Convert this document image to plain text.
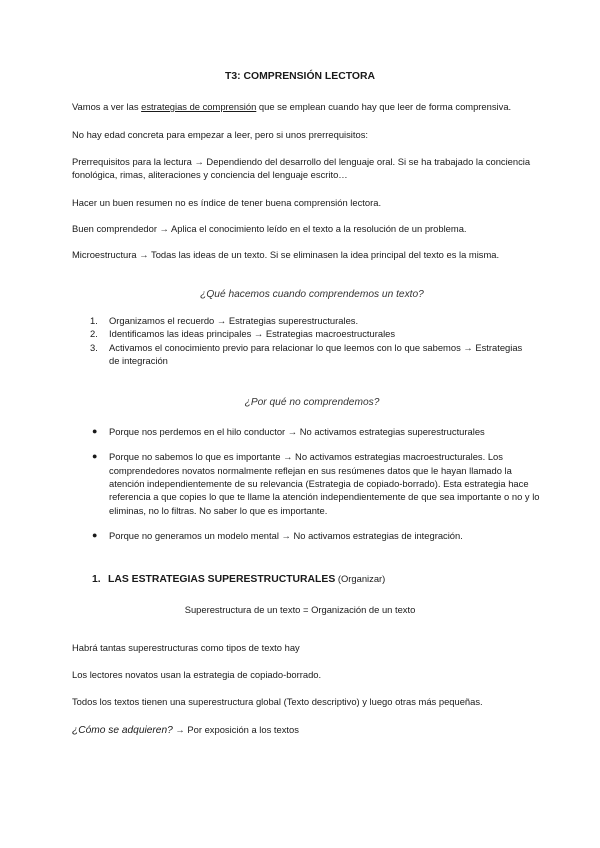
T3: COMPRENSIÓN LECTORA
Vamos a ver las estrategias de comprensión que se emplean cuando hay que leer de forma comprensiva.
No hay edad concreta para empezar a leer, pero si unos prerrequisitos:
Prerrequisitos para la lectura → Dependiendo del desarrollo del lenguaje oral. Si se ha trabajado la conciencia fonológica, rimas, aliteraciones y conciencia del lenguaje escrito…
Hacer un buen resumen no es índice de tener buena comprensión lectora.
Buen comprendedor → Aplica el conocimiento leído en el texto a la resolución de un problema.
Microestructura → Todas las ideas de un texto. Si se eliminasen la idea principal del texto es la misma.
¿Qué hacemos cuando comprendemos un texto?
1. Organizamos el recuerdo → Estrategias superestructurales.
2. Identificamos las ideas principales → Estrategias macroestructurales
3. Activamos el conocimiento previo para relacionar lo que leemos con lo que sabemos → Estrategias de integración
¿Por qué no comprendemos?
● Porque nos perdemos en el hilo conductor → No activamos estrategias superestructurales
● Porque no sabemos lo que es importante → No activamos estrategias macroestructurales. Los comprendedores novatos normalmente reflejan en sus resúmenes datos que le hayan llamado la atención independientemente de su relevancia (Estrategia de copiado-borrado). Esta estrategia hace referencia a que copies lo que te llame la atención independientemente de que sea importante o no y lo eliminas, no lo filtras. No saber lo que es importante.
● Porque no generamos un modelo mental → No activamos estrategias de integración.
1. LAS ESTRATEGIAS SUPERESTRUCTURALES (Organizar)
Superestructura de un texto = Organización de un texto
Habrá tantas superestructuras como tipos de texto hay
Los lectores novatos usan la estrategia de copiado-borrado.
Todos los textos tienen una superestructura global (Texto descriptivo) y luego otras más pequeñas.
¿Cómo se adquieren? → Por exposición a los textos
